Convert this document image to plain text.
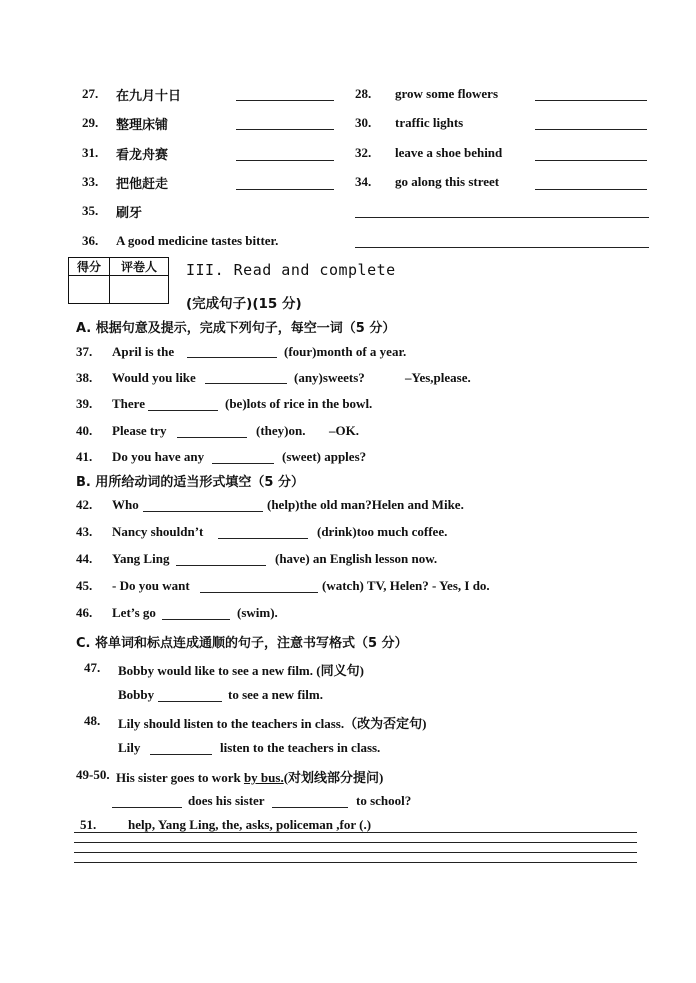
27. 在九月十日	28. grow some flowers
29. 整理床铺	30. traffic lights
31. 看龙舟赛	32. leave a shoe behind
33. 把他赶走	34. go along this street
35. 刷牙
36. A good medicine tastes bitter.
得分	评卷人
	III. Read and complete
(完成句子)(15 分)
A. 根据句意及提示，完成下列句子，每空一词（5 分）
37. April is the	(four)month of a year.
38. Would you like	(any)sweets?	–Yes,please.
39. There	(be)lots of rice in the bowl.
40. Please try	(they)on. –OK.
41. Do you have any	(sweet) apples?
B. 用所给动词的适当形式填空（5 分）
42. Who	(help)the old man?Helen and Mike.
43. Nancy shouldn’t	(drink)too much coffee.
44. Yang Ling	(have) an English lesson now.
45. - Do you want	(watch) TV, Helen? - Yes, I do.
46. Let’s go	(swim).
C. 将单词和标点连成通顺的句子，注意书写格式（5 分）
47. Bobby would like to see a new film. (同义句)
Bobby	to see a new film.
48. Lily should listen to the teachers in class.（改为否定句)
Lily	listen to the teachers in class.
49-50. His sister goes to work by bus.(对划线部分提问)
does his sister	to school?
51. help, Yang Ling, the, asks, policeman ,for (.)
